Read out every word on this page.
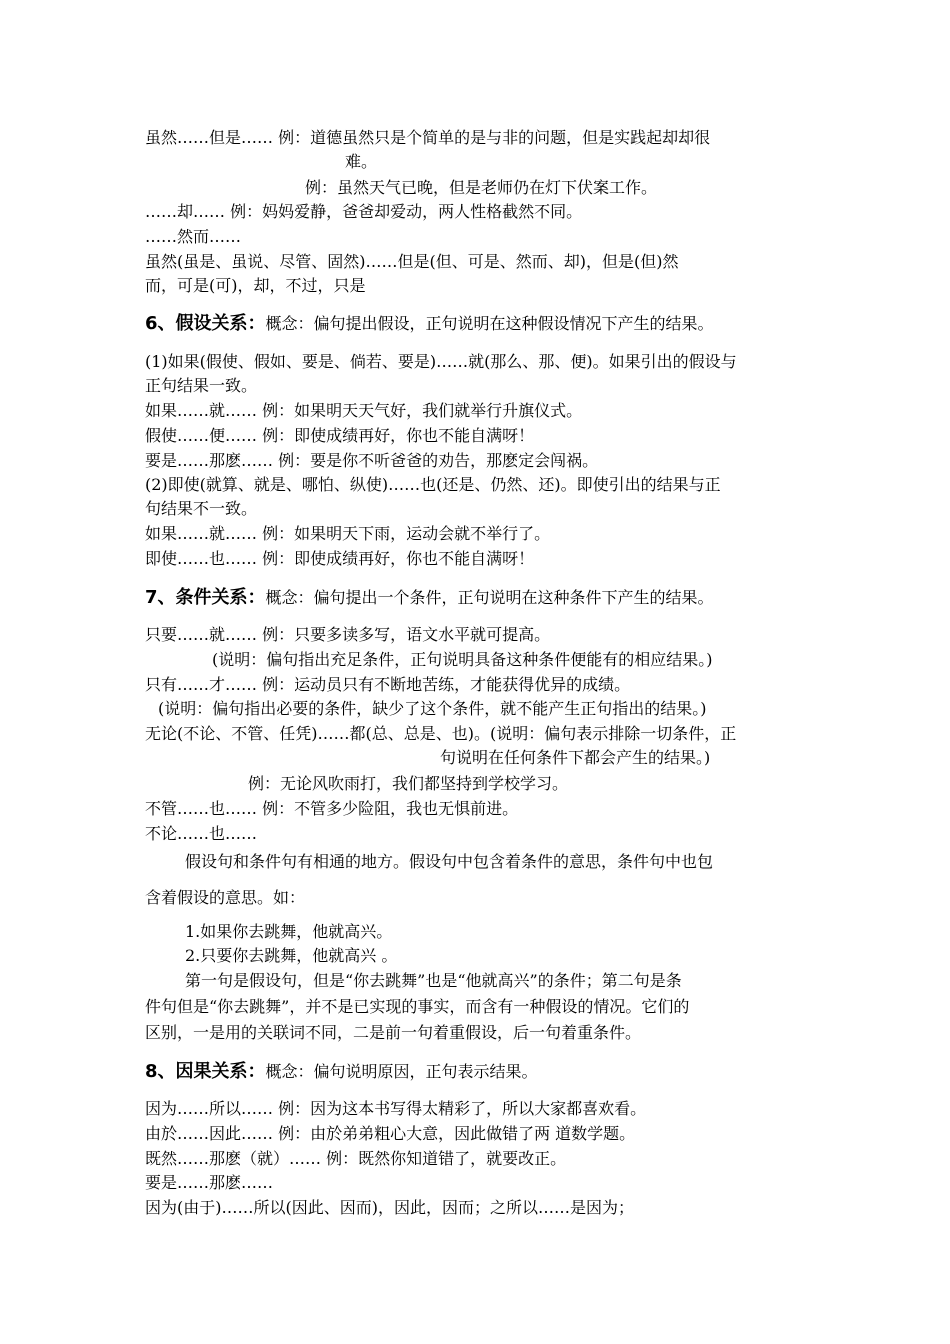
虽然……但是…… 例：道德虽然只是个简单的是与非的问题，但是实践起却却很
难。
例：虽然天气已晚，但是老师仍在灯下伏案工作。
……却…… 例：妈妈爱静，爸爸却爱动，两人性格截然不同。
……然而……
虽然(虽是、虽说、尽管、固然)……但是(但、可是、然而、却)，但是(但)然
而，可是(可)，却，不过，只是
6、假设关系：概念：偏句提出假设，正句说明在这种假设情况下产生的结果。
(1)如果(假使、假如、要是、倘若、要是)……就(那么、那、便)。如果引出的假设与
正句结果一致。
如果……就…… 例：如果明天天气好，我们就举行升旗仪式。
假使……便…… 例：即使成绩再好，你也不能自满呀！
要是……那麽…… 例：要是你不听爸爸的劝告，那麽定会闯祸。
(2)即使(就算、就是、哪怕、纵使)……也(还是、仍然、还)。即使引出的结果与正
句结果不一致。
如果……就…… 例：如果明天下雨，运动会就不举行了。
即使……也…… 例：即使成绩再好，你也不能自满呀！
7、条件关系：概念：偏句提出一个条件，正句说明在这种条件下产生的结果。
只要……就…… 例：只要多读多写，语文水平就可提高。
(说明：偏句指出充足条件，正句说明具备这种条件便能有的相应结果。)
只有……才…… 例：运动员只有不断地苦练，才能获得优异的成绩。
(说明：偏句指出必要的条件，缺少了这个条件，就不能产生正句指出的结果。)
无论(不论、不管、任凭)……都(总、总是、也)。(说明：偏句表示排除一切条件，正
句说明在任何条件下都会产生的结果。)
例：无论风吹雨打，我们都坚持到学校学习。
不管……也…… 例：不管多少险阻，我也无惧前进。
不论……也……
假设句和条件句有相通的地方。假设句中包含着条件的意思，条件句中也包
含着假设的意思。如：
1.如果你去跳舞，他就高兴。
2.只要你去跳舞，他就高兴 。
第一句是假设句，但是“你去跳舞”也是“他就高兴”的条件；第二句是条
件句但是“你去跳舞”，并不是已实现的事实，而含有一种假设的情况。它们的
区别，一是用的关联词不同，二是前一句着重假设，后一句着重条件。
8、因果关系：概念：偏句说明原因，正句表示结果。
因为……所以…… 例：因为这本书写得太精彩了，所以大家都喜欢看。
由於……因此…… 例：由於弟弟粗心大意，因此做错了两 道数学题。
既然……那麽（就）…… 例：既然你知道错了，就要改正。
要是……那麽……
因为(由于)……所以(因此、因而)，因此，因而；之所以……是因为；
